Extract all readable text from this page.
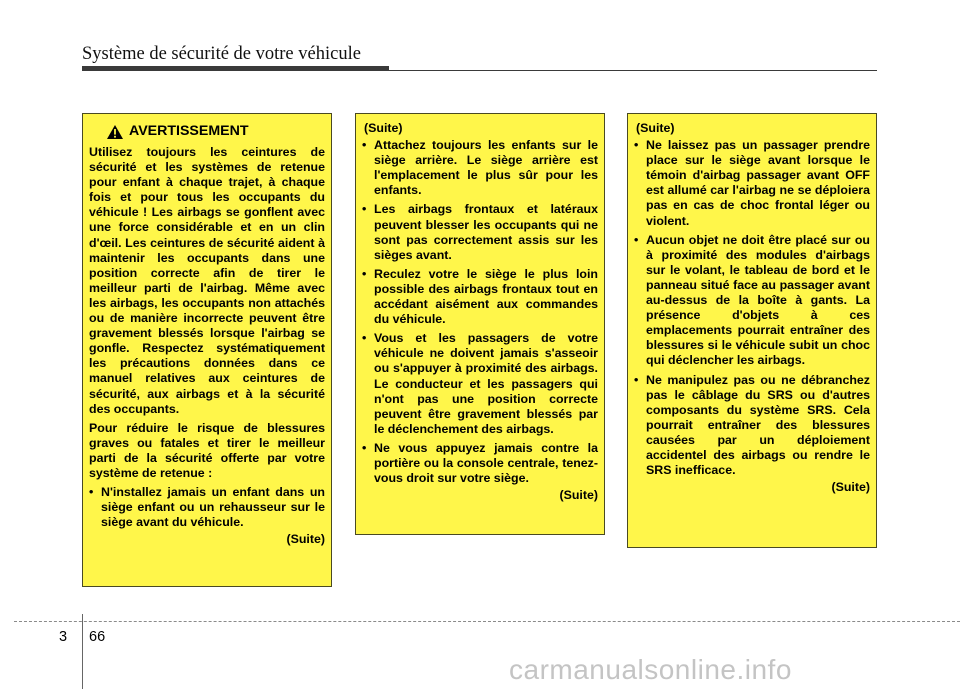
Système de sécurité de votre véhicule
AVERTISSEMENT

Utilisez toujours les ceintures de sécurité et les systèmes de retenue pour enfant à chaque trajet, à chaque fois et pour tous les occupants du véhicule ! Les airbags se gonflent avec une force considérable et en un clin d'œil. Les ceintures de sécurité aident à maintenir les occupants dans une position correcte afin de tirer le meilleur parti de l'airbag. Même avec les airbags, les occupants non attachés ou de manière incorrecte peuvent être gravement blessés lorsque l'airbag se gonfle. Respectez systématiquement les précautions données dans ce manuel relatives aux ceintures de sécurité, aux airbags et à la sécurité des occupants.

Pour réduire le risque de blessures graves ou fatales et tirer le meilleur parti de la sécurité offerte par votre système de retenue :

• N'installez jamais un enfant dans un siège enfant ou un rehausseur sur le siège avant du véhicule.
(Suite)
(Suite)
• Attachez toujours les enfants sur le siège arrière. Le siège arrière est l'emplacement le plus sûr pour les enfants.
• Les airbags frontaux et latéraux peuvent blesser les occupants qui ne sont pas correctement assis sur les sièges avant.
• Reculez votre le siège le plus loin possible des airbags frontaux tout en accédant aisément aux commandes du véhicule.
• Vous et les passagers de votre véhicule ne doivent jamais s'asseoir ou s'appuyer à proximité des airbags. Le conducteur et les passagers qui n'ont pas une position correcte peuvent être gravement blessés par le déclenchement des airbags.
• Ne vous appuyez jamais contre la portière ou la console centrale, tenez-vous droit sur votre siège.
(Suite)
(Suite)
• Ne laissez pas un passager prendre place sur le siège avant lorsque le témoin d'airbag passager avant OFF est allumé car l'airbag ne se déploiera pas en cas de choc frontal léger ou violent.
• Aucun objet ne doit être placé sur ou à proximité des modules d'airbags sur le volant, le tableau de bord et le panneau situé face au passager avant au-dessus de la boîte à gants. La présence d'objets à ces emplacements pourrait entraîner des blessures si le véhicule subit un choc qui déclencher les airbags.
• Ne manipulez pas ou ne débranchez pas le câblage du SRS ou d'autres composants du système SRS. Cela pourrait entraîner des blessures causées par un déploiement accidentel des airbags ou rendre le SRS inefficace.
(Suite)
3 66
carmanualsonline.info
